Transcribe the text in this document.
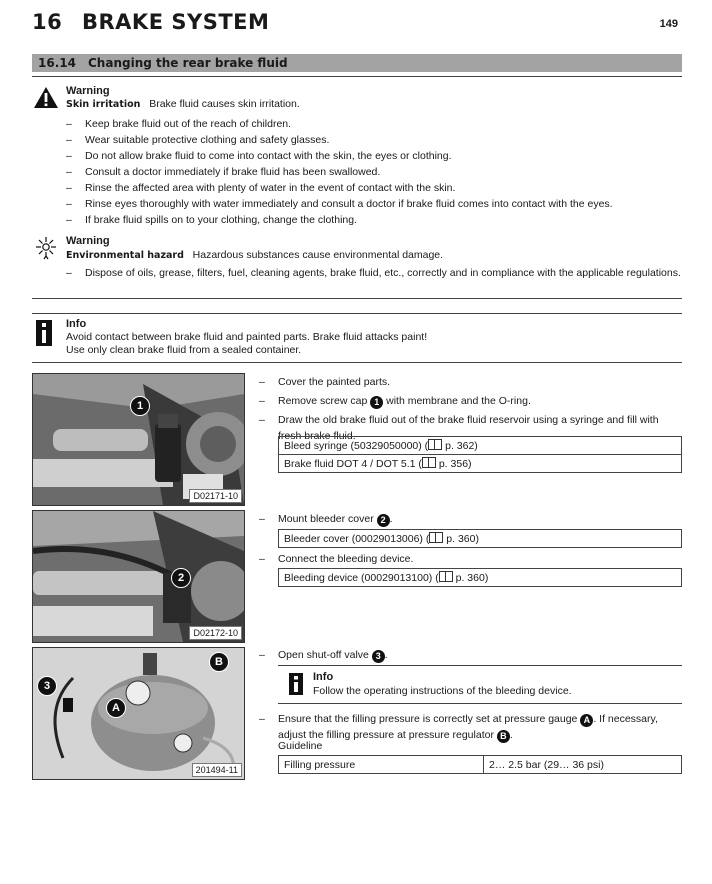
16 BRAKE SYSTEM	149
16.14 Changing the rear brake fluid
Warning
Skin irritation Brake fluid causes skin irritation.
– Keep brake fluid out of the reach of children.
– Wear suitable protective clothing and safety glasses.
– Do not allow brake fluid to come into contact with the skin, the eyes or clothing.
– Consult a doctor immediately if brake fluid has been swallowed.
– Rinse the affected area with plenty of water in the event of contact with the skin.
– Rinse eyes thoroughly with water immediately and consult a doctor if brake fluid comes into contact with the eyes.
– If brake fluid spills on to your clothing, change the clothing.
Warning
Environmental hazard Hazardous substances cause environmental damage.
– Dispose of oils, grease, filters, fuel, cleaning agents, brake fluid, etc., correctly and in compliance with the applicable regulations.
Info
Avoid contact between brake fluid and painted parts. Brake fluid attacks paint!
Use only clean brake fluid from a sealed container.
1
D02171-10
2
D02172-10
B
3
A
201494-11
– Cover the painted parts.
– Remove screw cap 1 with membrane and the O-ring.
– Draw the old brake fluid out of the brake fluid reservoir using a syringe and fill with fresh brake fluid.
Bleed syringe (50329050000) ( p. 362)
Brake fluid DOT 4 / DOT 5.1 ( p. 356)
– Mount bleeder cover 2 .
Bleeder cover (00029013006) ( p. 360)
– Connect the bleeding device.
Bleeding device (00029013100) ( p. 360)
– Open shut-off valve 3 .
Info
Follow the operating instructions of the bleeding device.
– Ensure that the filling pressure is correctly set at pressure gauge A . If necessary, adjust the filling pressure at pressure regulator B .
Guideline
Filling pressure	2… 2.5 bar (29… 36 psi)
